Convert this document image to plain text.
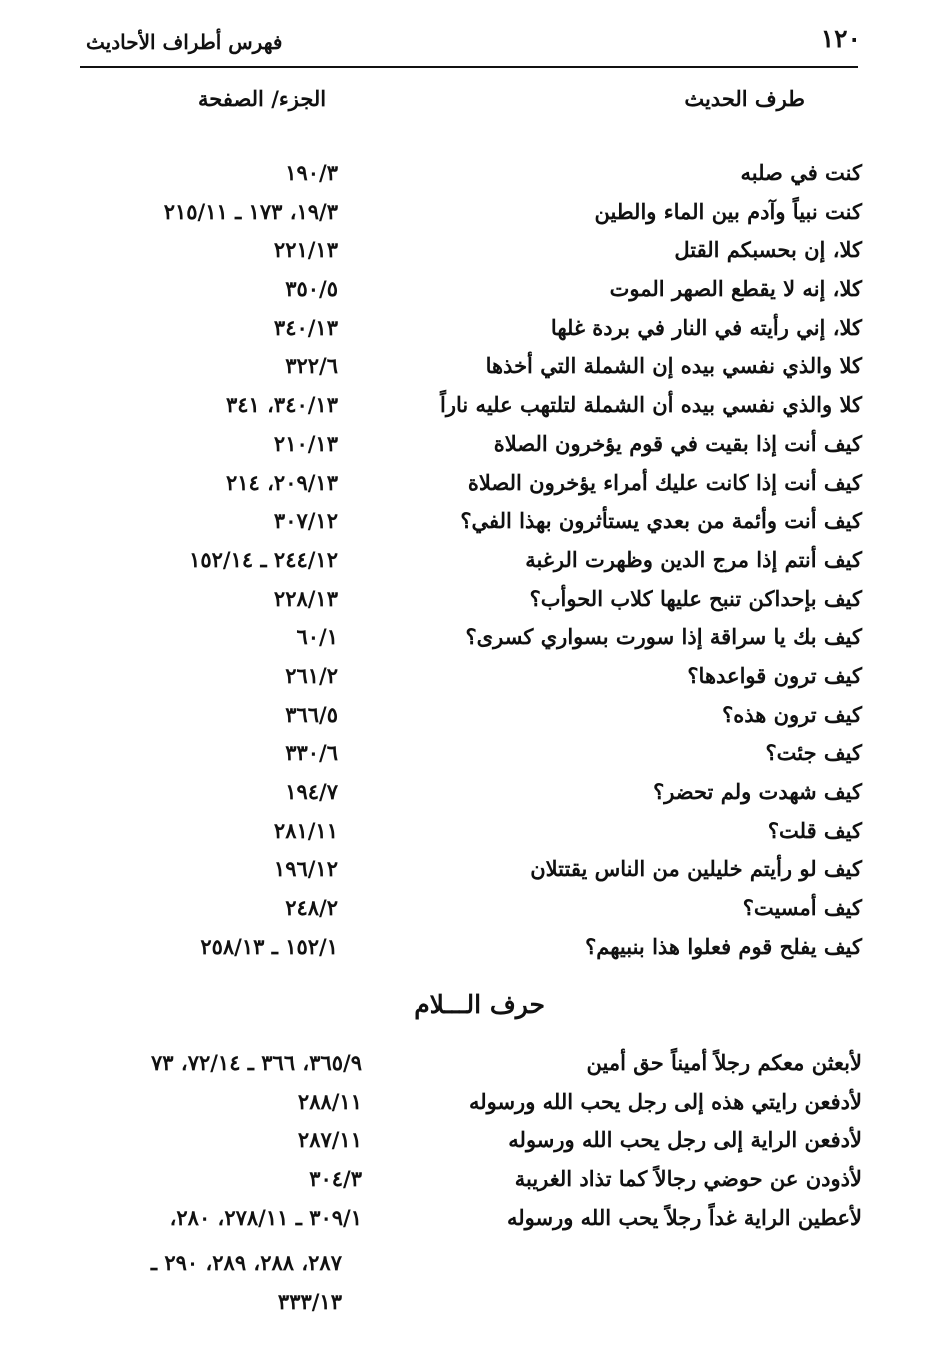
١٢٠
فهرس أطراف الأحاديث
طرف الحديث
الجزء/ الصفحة
كنت في صلبه
١٩٠/٣
كنت نبياً وآدم بين الماء والطين
١٩/٣، ١٧٣ ـ ٢١٥/١١
كلا، إن بحسبكم القتل
٢٢١/١٣
كلا، إنه لا يقطع الصهر الموت
٣٥٠/٥
كلا، إني رأيته في النار في بردة غلها
٣٤٠/١٣
كلا والذي نفسي بيده إن الشملة التي أخذها
٣٢٢/٦
كلا والذي نفسي بيده أن الشملة لتلتهب عليه ناراً
٣٤٠/١٣، ٣٤١
كيف أنت إذا بقيت في قوم يؤخرون الصلاة
٢١٠/١٣
كيف أنت إذا كانت عليك أمراء يؤخرون الصلاة
٢٠٩/١٣، ٢١٤
كيف أنت وأئمة من بعدي يستأثرون بهذا الفي؟
٣٠٧/١٢
كيف أنتم إذا مرج الدين وظهرت الرغبة
٢٤٤/١٢ ـ ١٥٢/١٤
كيف بإحداكن تنبح عليها كلاب الحوأب؟
٢٢٨/١٣
كيف بك يا سراقة إذا سورت بسواري كسرى؟
٦٠/١
كيف ترون قواعدها؟
٢٦١/٢
كيف ترون هذه؟
٣٦٦/٥
كيف جئت؟
٣٣٠/٦
كيف شهدت ولم تحضر؟
١٩٤/٧
كيف قلت؟
٢٨١/١١
كيف لو رأيتم خليلين من الناس يقتتلان
١٩٦/١٢
كيف أمسيت؟
٢٤٨/٢
كيف يفلح قوم فعلوا هذا بنبيهم؟
١٥٢/١ ـ ٢٥٨/١٣
حرف الـــلام
لأبعثن معكم رجلاً أميناً حق أمين
٣٦٥/٩، ٣٦٦ ـ ٧٢/١٤، ٧٣
لأدفعن رايتي هذه إلى رجل يحب الله ورسوله
٢٨٨/١١
لأدفعن الراية إلى رجل يحب الله ورسوله
٢٨٧/١١
لأذودن عن حوضي رجالاً كما تذاد الغريبة
٣٠٤/٣
لأعطين الراية غداً رجلاً يحب الله ورسوله
٣٠٩/١ ـ ٢٧٨/١١، ٢٨٠،
٢٨٧، ٢٨٨، ٢٨٩، ٢٩٠ ـ
٣٣٣/١٣
